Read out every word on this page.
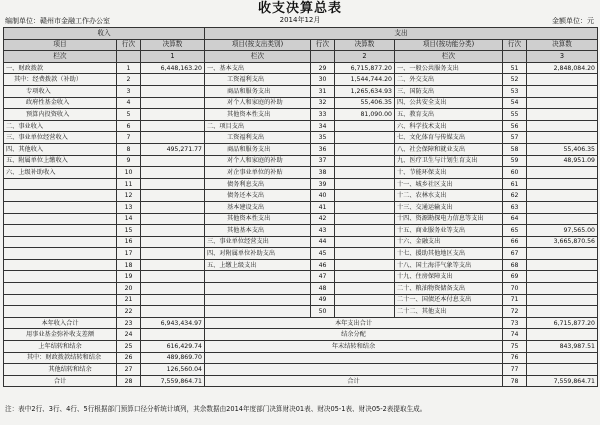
收支决算总表
2014年12月
编制单位：赣州市金融工作办公室	金额单位：元
收入			支出					
项目	行次	决算数	项目(按支出类别)	行次	决算数	项目(按功能分类)	行次	决算数
栏次		1	栏次		2	栏次		3
一、财政拨款	1	6,448,163.20	一、基本支出	29	6,715,877.20	一、一般公共服务支出	51	2,848,084.20
其中：经费拨款（补助）	2		工资福利支出	30	1,544,744.20	二、外交支出	52	
专项收入	3		商品和服务支出	31	1,265,634.93	三、国防支出	53	
政府性基金收入	4		对个人和家庭的补助	32	55,406.35	四、公共安全支出	54	
预算内投资收入	5		其他资本性支出	33	81,090.00	五、教育支出	55	
二、事业收入	6		二、项目支出	34		六、科学技术支出	56	
三、事业单位经营收入	7		工资福利支出	35		七、文化体育与传媒支出	57	
四、其他收入	8	495,271.77	商品和服务支出	36		八、社会保障和就业支出	58	55,406.35
五、附属单位上缴收入	9		对个人和家庭的补助	37		九、医疗卫生与计划生育支出	59	48,951.09
六、上级补助收入	10		对企事业单位的补贴	38		十、节能环保支出	60	
	11		债务利息支出	39		十一、城乡社区支出	61	
	12		债务还本支出	40		十二、农林水支出	62	
	13		基本建设支出	41		十三、交通运输支出	63	
	14		其他资本性支出	42		十四、资源勘探电力信息等支出	64	
	15		其他基本支出	43		十五、商业服务业等支出	65	97,565.00
	16		三、事业单位经营支出	44		十六、金融支出	66	3,665,870.56
	17		四、对附属单位补助支出	45		十七、援助其他地区支出	67	
	18		五、上缴上级支出	46		十八、国土海洋气象等支出	68	
	19			47		十九、住房保障支出	69	
	20			48		二十、粮油物资储备支出	70	
	21			49		二十一、国债还本付息支出	71	
	22			50		二十二、其他支出	72	
本年收入合计	23	6,943,434.97	本年支出合计				73	6,715,877.20
用事业基金弥补收支差额	24		结余分配				74	
上年结转和结余	25	616,429.74	年末结转和结余				75	843,987.51
其中：财政拨款结转和结余	26	489,869.70					76	
其他结转和结余	27	126,560.04					77	
合计	28	7,559,864.71	合计				78	7,559,864.71
注：表中2行、3行、4行、5行根据部门预算口径分析统计填列，其余数据由2014年度部门决算财决01表、财决05-1表、财决05-2表提取生成。
